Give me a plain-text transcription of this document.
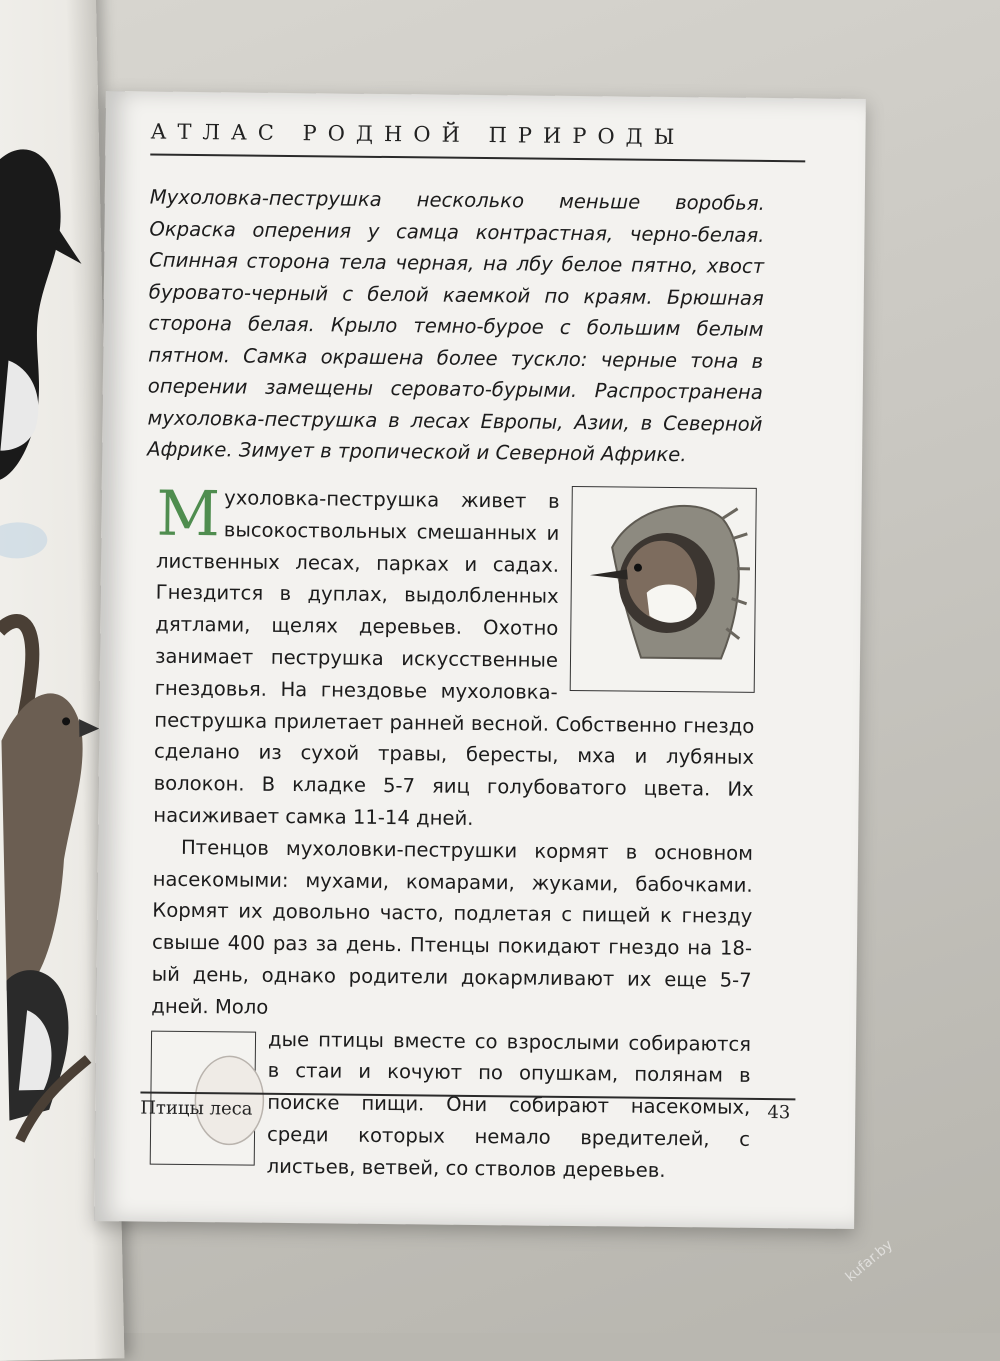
АТЛАС РОДНОЙ ПРИРОДЫ

Мухоловка-пеструшка несколько меньше воробья. Окраска оперения у самца контрастная, черно-белая. Спинная сторона тела черная, на лбу белое пятно, хвост буровато-черный с белой каемкой по краям. Брюшная сторона белая. Крыло темно-бурое с большим белым пятном. Самка окрашена более тускло: черные тона в оперении замещены серовато-бурыми. Распространена мухоловка-пеструшка в лесах Европы, Азии, в Северной Африке. Зимует в тропической и Северной Африке.

М ухоловка-пеструшка живет в высокоствольных смешанных и лиственных лесах, парках и садах. Гнездится в дуплах, выдолбленных дятлами, щелях деревьев. Охотно занимает пеструшка искусственные гнездовья. На гнездовье мухоловка-пеструшка прилетает ранней весной. Собственно гнездо сделано из сухой травы, бересты, мха и лубяных волокон. В кладке 5-7 яиц голубоватого цвета. Их насиживает самка 11-14 дней.

Птенцов мухоловки-пеструшки кормят в основном насекомыми: мухами, комарами, жуками, бабочками. Кормят их довольно часто, подлетая с пищей к гнезду свыше 400 раз за день. Птенцы покидают гнездо на 18-ый день, однако родители докармливают их еще 5-7 дней. Моло

дые птицы вместе со взрослыми собираются в стаи и кочуют по опушкам, полянам в поиске пищи. Они собирают насекомых, среди которых немало вредителей, с листьев, ветвей, со стволов деревьев.

Птицы леса	43
kufar.by
